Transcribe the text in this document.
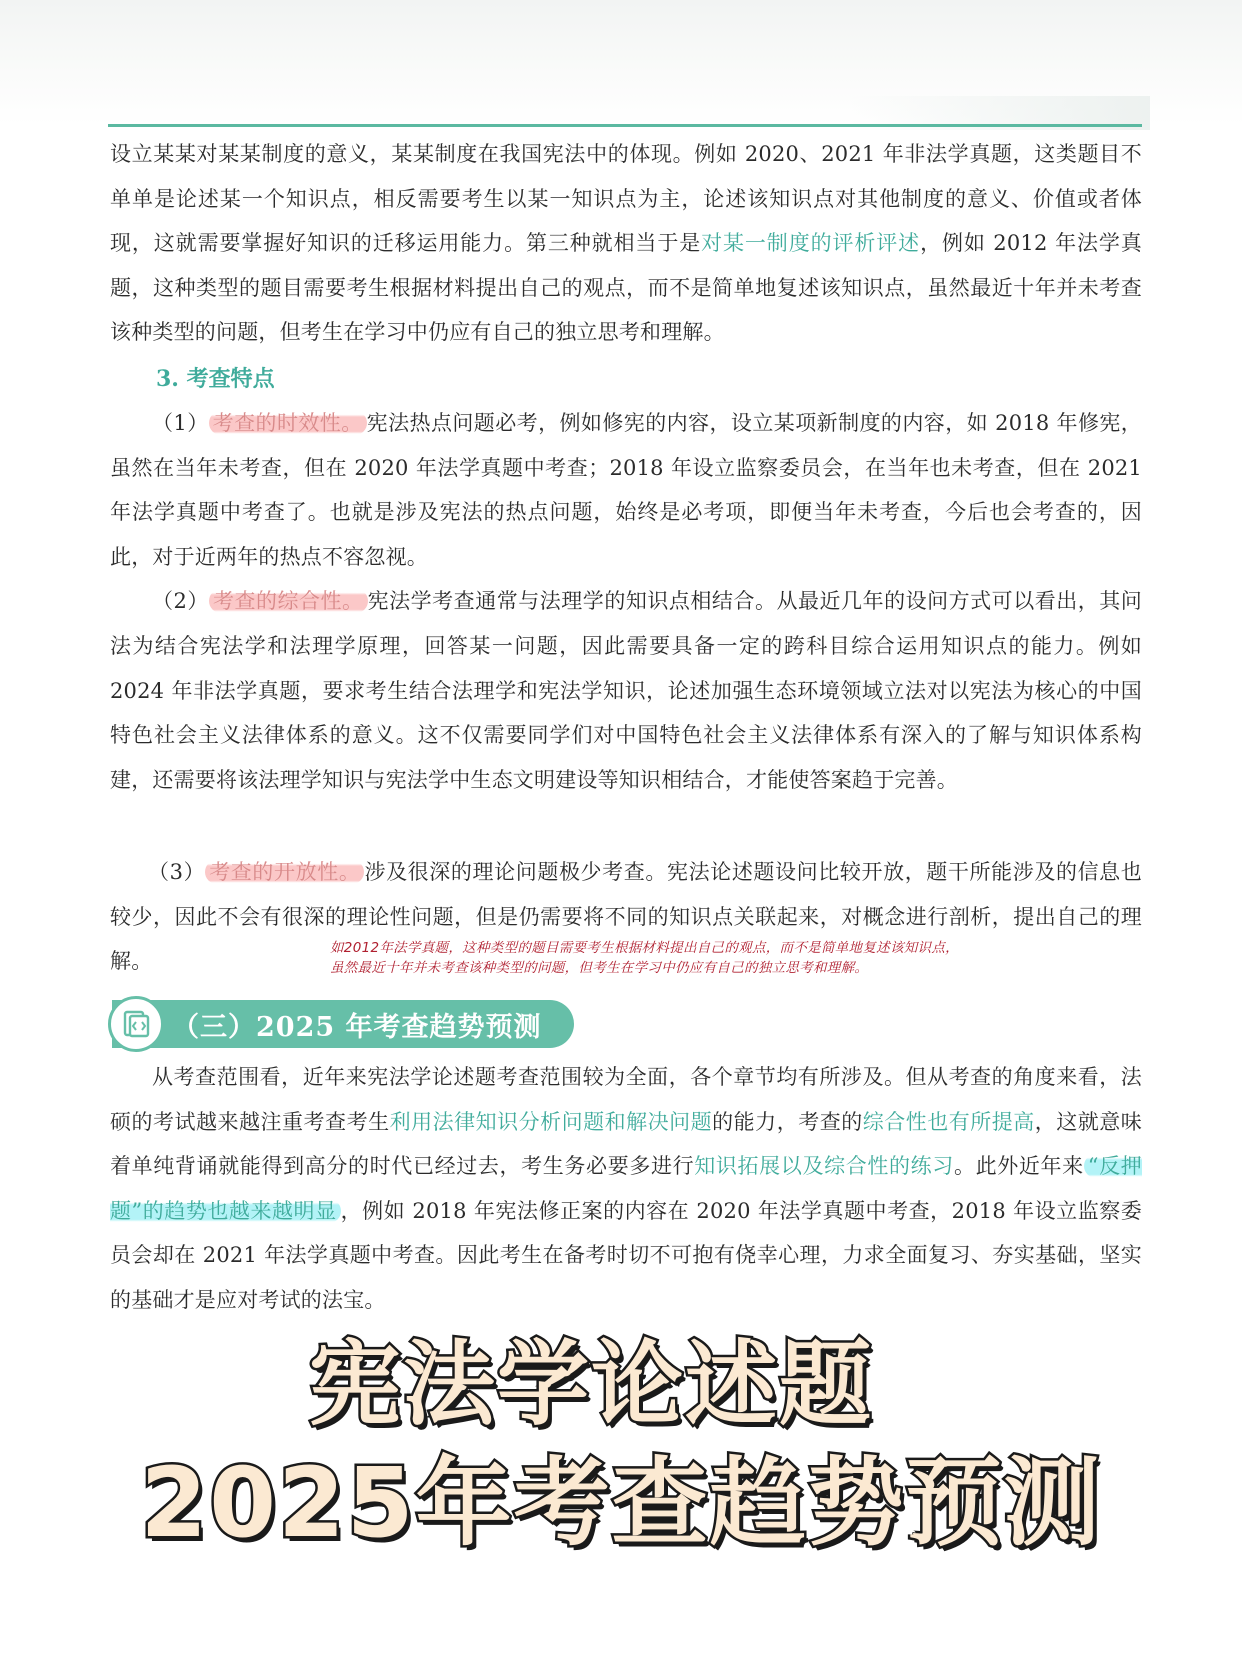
设立某某对某某制度的意义，某某制度在我国宪法中的体现。例如 2020、2021 年非法学真题，这类题目不单单是论述某一个知识点，相反需要考生以某一知识点为主，论述该知识点对其他制度的意义、价值或者体现，这就需要掌握好知识的迁移运用能力。第三种就相当于是对某一制度的评析评述，例如 2012 年法学真题，这种类型的题目需要考生根据材料提出自己的观点，而不是简单地复述该知识点，虽然最近十年并未考查该种类型的问题，但考生在学习中仍应有自己的独立思考和理解。

3. 考查特点

（1） 考查的时效性。 宪法热点问题必考，例如修宪的内容，设立某项新制度的内容，如 2018 年修宪，虽然在当年未考查，但在 2020 年法学真题中考查；2018 年设立监察委员会，在当年也未考查，但在 2021 年法学真题中考查了。也就是涉及宪法的热点问题，始终是必考项，即便当年未考查，今后也会考查的，因此，对于近两年的热点不容忽视。

（2） 考查的综合性。 宪法学考查通常与法理学的知识点相结合。从最近几年的设问方式可以看出，其问法为结合宪法学和法理学原理，回答某一问题，因此需要具备一定的跨科目综合运用知识点的能力。例如 2024 年非法学真题，要求考生结合法理学和宪法学知识，论述加强生态环境领域立法对以宪法为核心的中国特色社会主义法律体系的意义。这不仅需要同学们对中国特色社会主义法律体系有深入的了解与知识体系构建，还需要将该法理学知识与宪法学中生态文明建设等知识相结合，才能使答案趋于完善。

（3） 考查的开放性。 涉及很深的理论问题极少考查。宪法论述题设问比较开放，题干所能涉及的信息也较少，因此不会有很深的理论性问题，但是仍需要将不同的知识点关联起来，对概念进行剖析，提出自己的理解。

如2012年法学真题，这种类型的题目需要考生根据材料提出自己的观点，而不是简单地复述该知识点，
虽然最近十年并未考查该种类型的问题，但考生在学习中仍应有自己的独立思考和理解。
（三）2025 年考查趋势预测

从考查范围看，近年来宪法学论述题考查范围较为全面，各个章节均有所涉及。但从考查的角度来看，法硕的考试越来越注重考查考生利用法律知识分析问题和解决问题的能力，考查的综合性也有所提高，这就意味着单纯背诵就能得到高分的时代已经过去，考生务必要多进行知识拓展以及综合性的练习。此外近年来 “反押题”的趋势也越来越明显 ，例如 2018 年宪法修正案的内容在 2020 年法学真题中考查，2018 年设立监察委员会却在 2021 年法学真题中考查。因此考生在备考时切不可抱有侥幸心理，力求全面复习、夯实基础，坚实的基础才是应对考试的法宝。

宪法学论述题
2025年考查趋势预测
